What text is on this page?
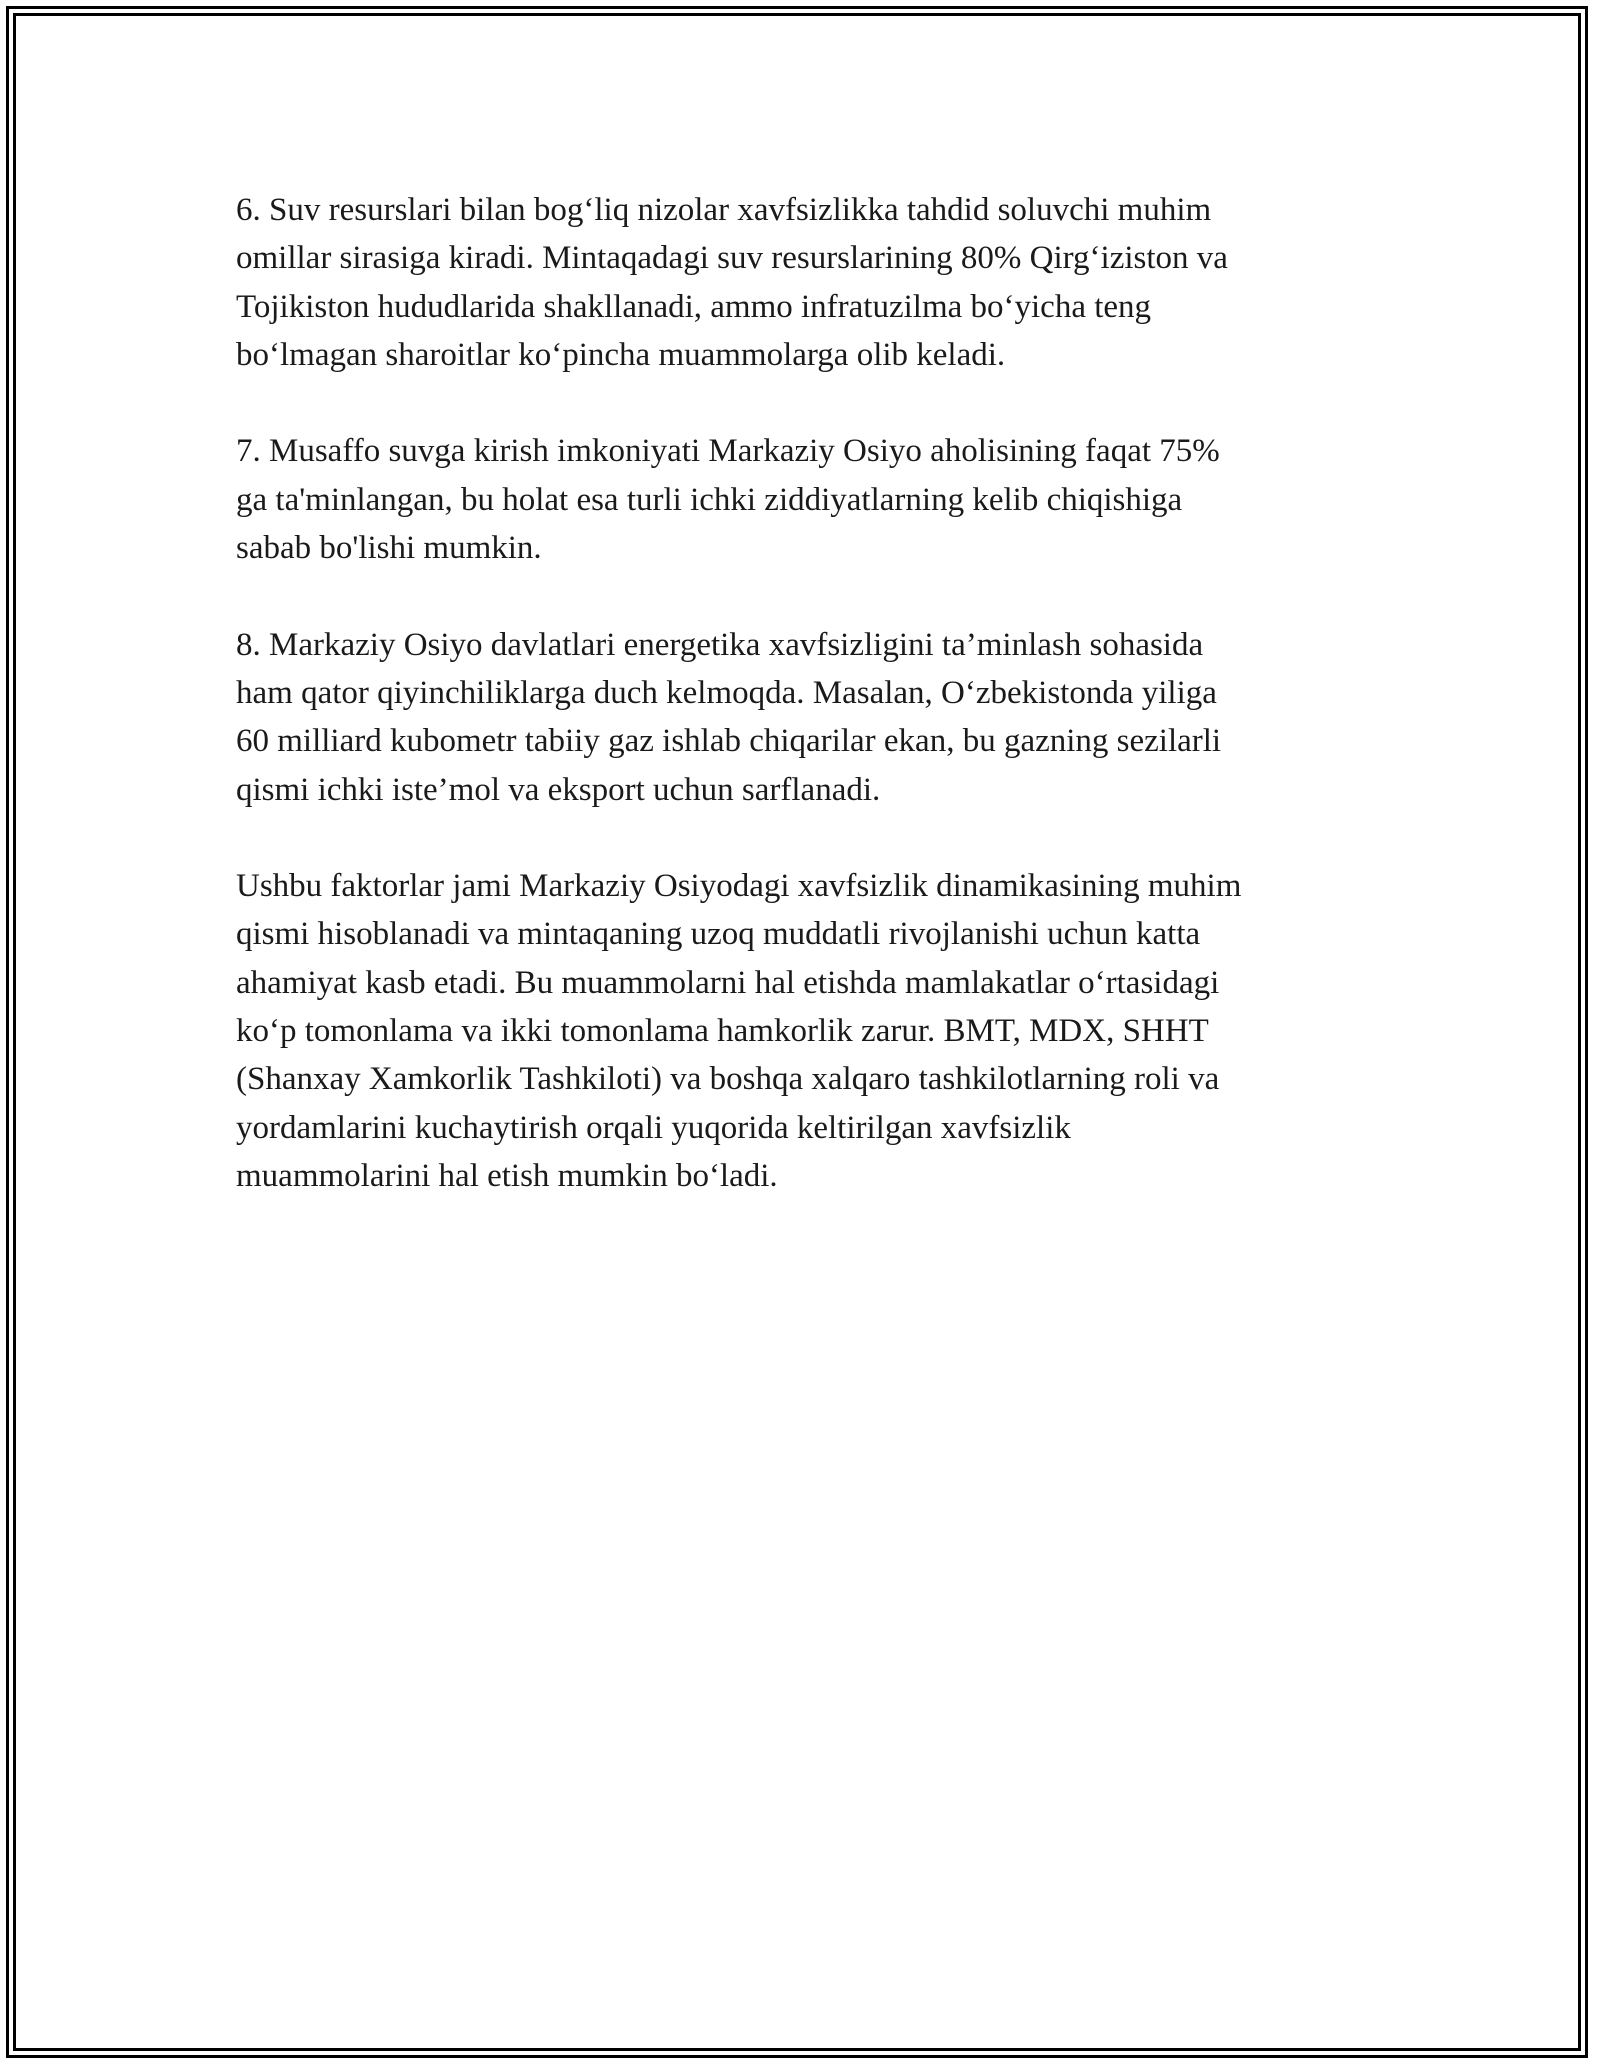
6. Suv resurslari bilan bog‘liq nizolar xavfsizlikka tahdid soluvchi muhim
omillar sirasiga kiradi. Mintaqadagi suv resurslarining 80% Qirg‘iziston va
Tojikiston hududlarida shakllanadi, ammo infratuzilma bo‘yicha teng
bo‘lmagan sharoitlar ko‘pincha muammolarga olib keladi.

7. Musaffo suvga kirish imkoniyati Markaziy Osiyo aholisining faqat 75%
ga ta'minlangan, bu holat esa turli ichki ziddiyatlarning kelib chiqishiga
sabab bo'lishi mumkin.

8. Markaziy Osiyo davlatlari energetika xavfsizligini ta’minlash sohasida
ham qator qiyinchiliklarga duch kelmoqda. Masalan, O‘zbekistonda yiliga
60 milliard kubometr tabiiy gaz ishlab chiqarilar ekan, bu gazning sezilarli
qismi ichki iste’mol va eksport uchun sarflanadi.

Ushbu faktorlar jami Markaziy Osiyodagi xavfsizlik dinamikasining muhim
qismi hisoblanadi va mintaqaning uzoq muddatli rivojlanishi uchun katta
ahamiyat kasb etadi. Bu muammolarni hal etishda mamlakatlar o‘rtasidagi
ko‘p tomonlama va ikki tomonlama hamkorlik zarur. BMT, MDX, SHHT
(Shanxay Xamkorlik Tashkiloti) va boshqa xalqaro tashkilotlarning roli va
yordamlarini kuchaytirish orqali yuqorida keltirilgan xavfsizlik
muammolarini hal etish mumkin bo‘ladi.
